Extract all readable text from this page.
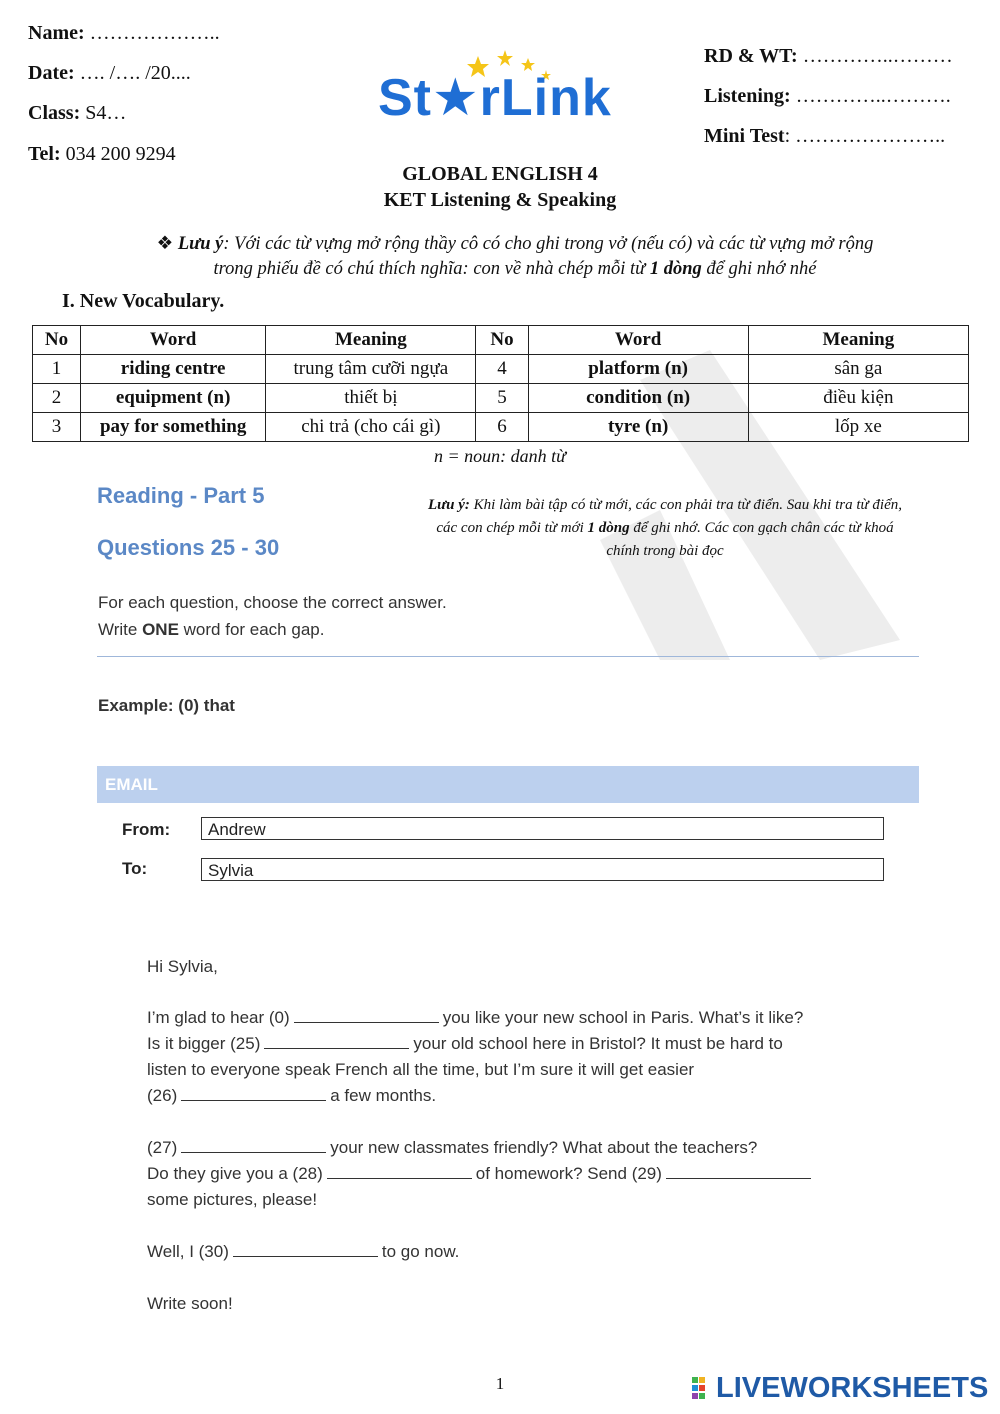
Name: ………………..
Date: …. /…. /20....
Class: S4…
Tel: 034 200 9294
St★rLink
RD & WT: …………..………
Listening: …………..……….
Mini Test: …………………..
GLOBAL ENGLISH 4
KET Listening & Speaking
❖ Lưu ý: Với các từ vựng mở rộng thầy cô có cho ghi trong vở (nếu có) và các từ vựng mở rộng
trong phiếu đề có chú thích nghĩa: con về nhà chép mỗi từ 1 dòng để ghi nhớ nhé
I. New Vocabulary.
No	Word	Meaning	No	Word	Meaning
1	riding centre	trung tâm cưỡi ngựa	4	platform (n)	sân ga
2	equipment (n)	thiết bị	5	condition (n)	điều kiện
3	pay for something	chi trả (cho cái gì)	6	tyre (n)	lốp xe
n = noun: danh từ
Reading - Part 5
Questions 25 - 30
Lưu ý: Khi làm bài tập có từ mới, các con phải tra từ điển. Sau khi tra từ điển,
các con chép mỗi từ mới 1 dòng để ghi nhớ. Các con gạch chân các từ khoá
chính trong bài đọc
For each question, choose the correct answer.
Write ONE word for each gap.
Example: (0) that
EMAIL
From:	Andrew
To:	Sylvia
Hi Sylvia,
I’m glad to hear (0)	you like your new school in Paris. What’s it like?
Is it bigger (25)	your old school here in Bristol? It must be hard to
listen to everyone speak French all the time, but I’m sure it will get easier
(26)	a few months.
(27)	your new classmates friendly? What about the teachers?
Do they give you a (28)	of homework? Send (29)
some pictures, please!
Well, I (30)	to go now.
Write soon!
1	LIVEWORKSHEETS
